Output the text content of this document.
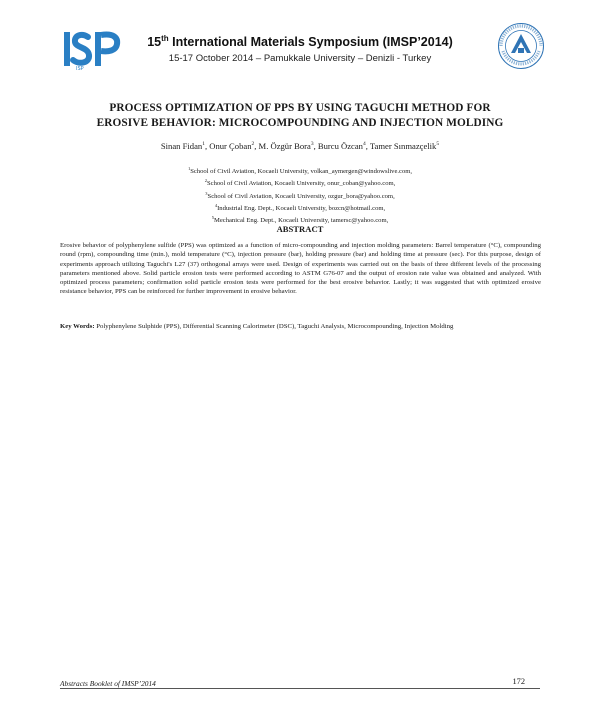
ISP
15th International Materials Symposium (IMSP’2014)
15-17 October 2014 – Pamukkale University – Denizli - Turkey
PROCESS OPTIMIZATION OF PPS BY USING TAGUCHI METHOD FOR
EROSIVE BEHAVIOR: MICROCOMPOUNDING AND INJECTION MOLDING
Sinan Fidan$^1$, Onur Çoban$^2$, M. Özgür Bora$^3$, Burcu Özcan$^4$, Tamer Sınmazçelik$^5$
$^1$School of Civil Aviation, Kocaeli University, volkan_aymergen@windowslive.com,
$^2$School of Civil Aviation, Kocaeli University, onur_coban@yahoo.com,
$^3$School of Civil Aviation, Kocaeli University, ozgur_bora@yahoo.com,
$^4$Industrial Eng. Dept., Kocaeli University, bozcn@hotmail.com,
$^5$Mechanical Eng. Dept., Kocaeli University, tamersc@yahoo.com,
ABSTRACT
Erosive behavior of polyphenylene sulfide (PPS) was optimized as a function of micro-compounding and injection molding parameters: Barrel temperature (°C), compounding round (rpm), compounding time (min.), mold temperature (°C), injection pressure (bar), holding pressure (bar) and holding time at pressure (sec). For this purpose, design of experiments approach utilizing Taguchi's L27 (37) orthogonal arrays were used. Design of experiments was carried out on the basis of three different levels of the processing parameters mentioned above. Solid particle erosion tests were performed according to ASTM G76-07 and the output of erosion rate value was obtained and analyzed. With optimized process parameters; confirmation solid particle erosion tests were performed for the best erosive behavior. Lastly; it was suggested that with optimized erosive resistance behavior, PPS can be reinforced for further improvement in erosive behavior.
Key Words: Polyphenylene Sulphide (PPS), Differential Scanning Calorimeter (DSC), Taguchi Analysis, Microcompounding, Injection Molding
Abstracts Booklet of IMSP’2014	172
